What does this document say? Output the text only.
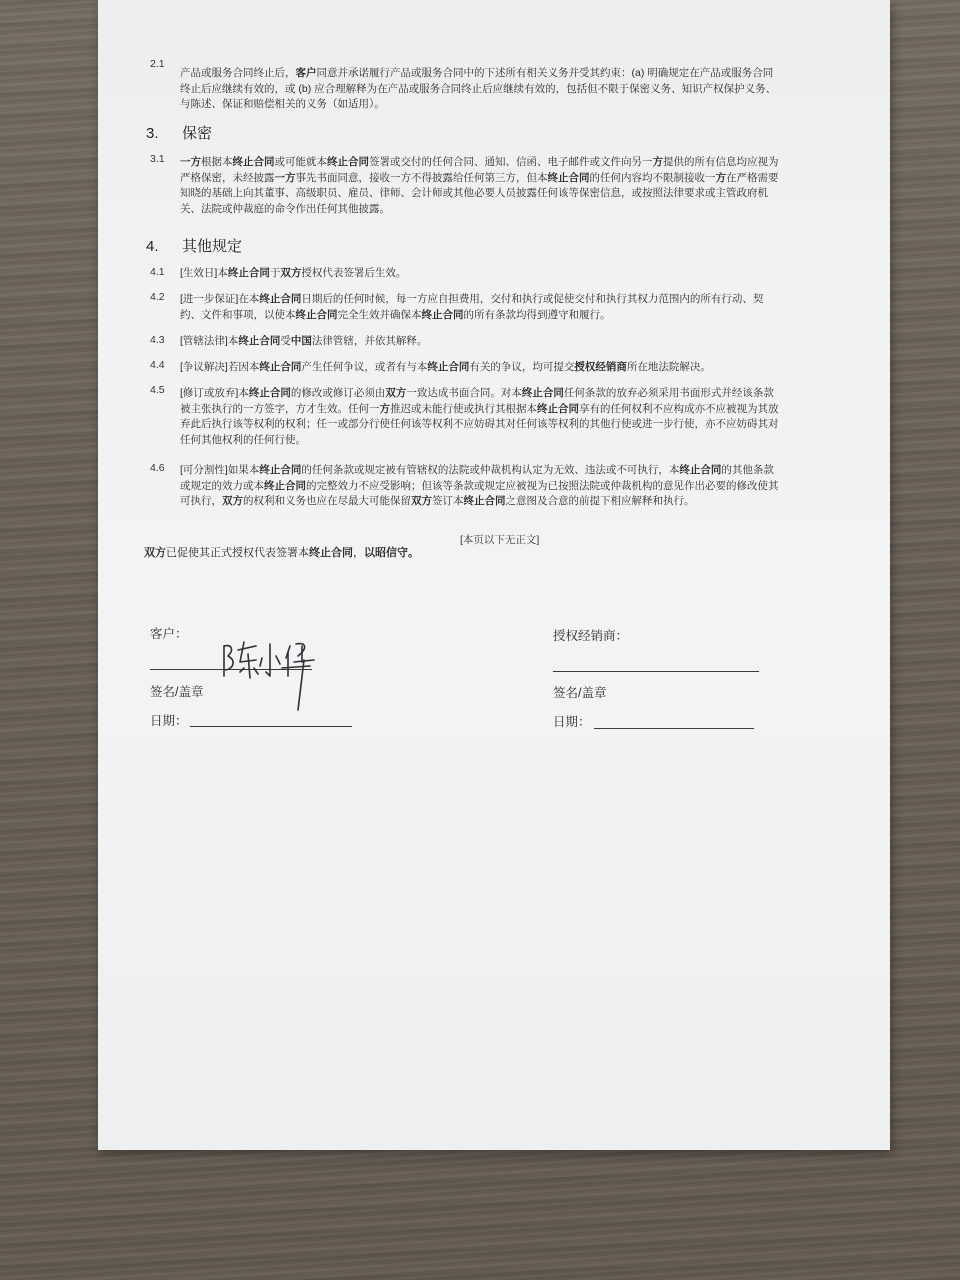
2.1
产品或服务合同终止后，客户同意并承诺履行产品或服务合同中的下述所有相关义务并受其约束：(a) 明确规定在产品或服务合同
终止后应继续有效的，或 (b) 应合理解释为在产品或服务合同终止后应继续有效的，包括但不限于保密义务、知识产权保护义务、
与陈述、保证和赔偿相关的义务（如适用）。
3. 保密
3.1 一方根据本终止合同或可能就本终止合同签署或交付的任何合同、通知、信函、电子邮件或文件向另一方提供的所有信息均应视为
严格保密，未经披露一方事先书面同意，接收一方不得披露给任何第三方，但本终止合同的任何内容均不限制接收一方在严格需要
知晓的基础上向其董事、高级职员、雇员、律师、会计师或其他必要人员披露任何该等保密信息，或按照法律要求或主管政府机
关、法院或仲裁庭的命令作出任何其他披露。
4. 其他规定
4.1 [生效日]本终止合同于双方授权代表签署后生效。
4.2 [进一步保证]在本终止合同日期后的任何时候，每一方应自担费用，交付和执行或促使交付和执行其权力范围内的所有行动、契
约、文件和事项，以使本终止合同完全生效并确保本终止合同的所有条款均得到遵守和履行。
4.3 [管辖法律]本终止合同受中国法律管辖，并依其解释。
4.4 [争议解决]若因本终止合同产生任何争议，或者有与本终止合同有关的争议，均可提交授权经销商所在地法院解决。
4.5 [修订或放弃]本终止合同的修改或修订必须由双方一致达成书面合同。对本终止合同任何条款的放弃必须采用书面形式并经该条款
被主张执行的一方签字，方才生效。任何一方推迟或未能行使或执行其根据本终止合同享有的任何权利不应构成亦不应被视为其放
弃此后执行该等权利的权利；任一或部分行使任何该等权利不应妨碍其对任何该等权利的其他行使或进一步行使，亦不应妨碍其对
任何其他权利的任何行使。
4.6 [可分割性]如果本终止合同的任何条款或规定被有管辖权的法院或仲裁机构认定为无效、违法或不可执行，本终止合同的其他条款
或规定的效力或本终止合同的完整效力不应受影响；但该等条款或规定应被视为已按照法院或仲裁机构的意见作出必要的修改使其
可执行，双方的权利和义务也应在尽最大可能保留双方签订本终止合同之意图及合意的前提下相应解释和执行。
[本页以下无正文]
双方已促使其正式授权代表签署本终止合同，以昭信守。
客户：
签名/盖章
日期：
授权经销商：
签名/盖章
日期：
